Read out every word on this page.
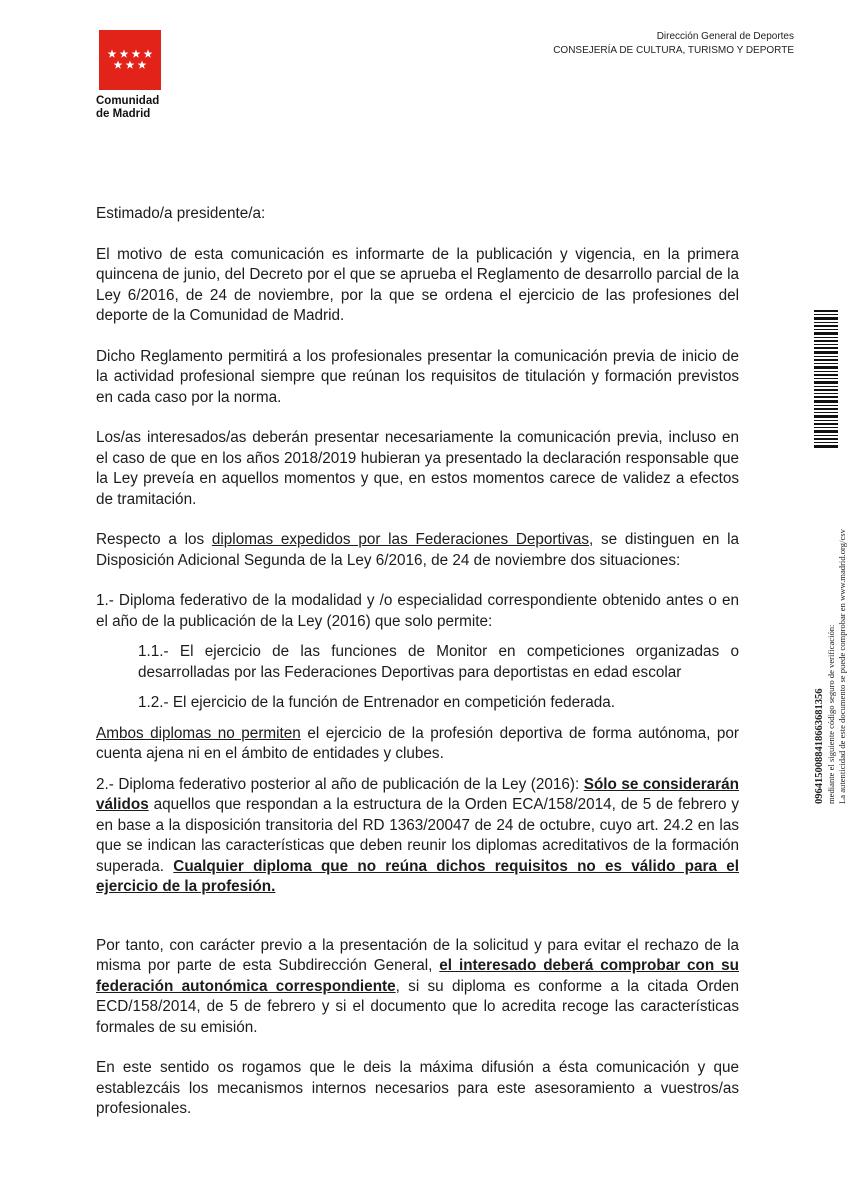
Comunidad
de Madrid
Dirección General de Deportes
CONSEJERÍA DE CULTURA, TURISMO Y DEPORTE

Estimado/a presidente/a:

El motivo de esta comunicación es informarte de la publicación y vigencia, en la primera quincena de junio, del Decreto por el que se aprueba el Reglamento de desarrollo parcial de la Ley 6/2016, de 24 de noviembre, por la que se ordena el ejercicio de las profesiones del deporte de la Comunidad de Madrid.

Dicho Reglamento permitirá a los profesionales presentar la comunicación previa de inicio de la actividad profesional siempre que reúnan los requisitos de titulación y formación previstos en cada caso por la norma.

Los/as interesados/as deberán presentar necesariamente la comunicación previa, incluso en el caso de que en los años 2018/2019 hubieran ya presentado la declaración responsable que la Ley preveía en aquellos momentos y que, en estos momentos carece de validez a efectos de tramitación.

Respecto a los diplomas expedidos por las Federaciones Deportivas, se distinguen en la Disposición Adicional Segunda de la Ley 6/2016, de 24 de noviembre dos situaciones:

1.- Diploma federativo de la modalidad y /o especialidad correspondiente obtenido antes o en el año de la publicación de la Ley (2016) que solo permite:

1.1.- El ejercicio de las funciones de Monitor en competiciones organizadas o desarrolladas por las Federaciones Deportivas para deportistas en edad escolar

1.2.- El ejercicio de la función de Entrenador en competición federada.

Ambos diplomas no permiten el ejercicio de la profesión deportiva de forma autónoma, por cuenta ajena ni en el ámbito de entidades y clubes.

2.- Diploma federativo posterior al año de publicación de la Ley (2016): Sólo se considerarán válidos aquellos que respondan a la estructura de la Orden ECA/158/2014, de 5 de febrero y en base a la disposición transitoria del RD 1363/20047 de 24 de octubre, cuyo art. 24.2 en las que se indican las características que deben reunir los diplomas acreditativos de la formación superada. Cualquier diploma que no reúna dichos requisitos no es válido para el ejercicio de la profesión.

Por tanto, con carácter previo a la presentación de la solicitud y para evitar el rechazo de la misma por parte de esta Subdirección General, el interesado deberá comprobar con su federación autonómica correspondiente, si su diploma es conforme a la citada Orden ECD/158/2014, de 5 de febrero y si el documento que lo acredita recoge las características formales de su emisión.

En este sentido os rogamos que le deis la máxima difusión a ésta comunicación y que establezcáis los mecanismos internos necesarios para este asesoramiento a vuestros/as profesionales.

0964150088418663681356 mediante el siguiente código seguro de verificación: La autenticidad de este documento se puede comprobar en www.madrid.org/csv
